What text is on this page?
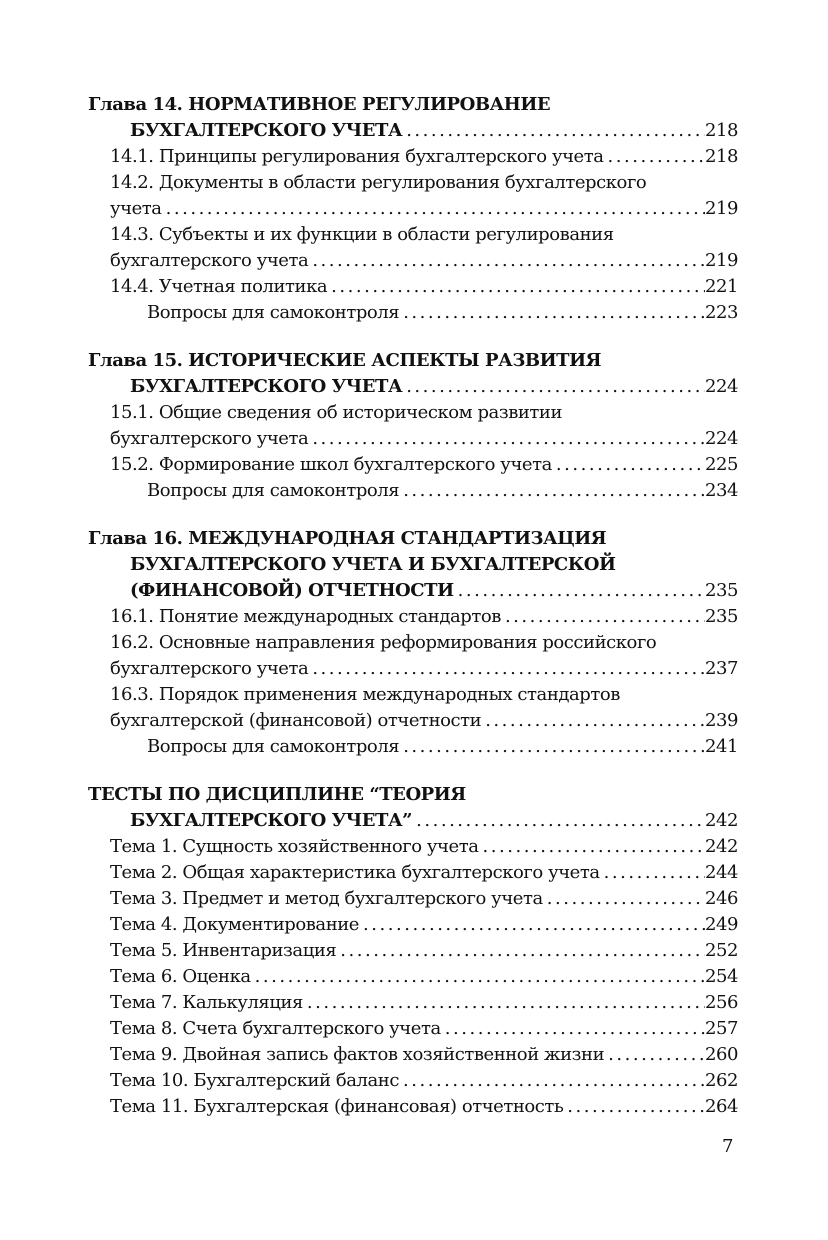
Глава 14. НОРМАТИВНОЕ РЕГУЛИРОВАНИЕ
БУХГАЛТЕРСКОГО УЧЕТА . . .	218
14.1. Принципы регулирования бухгалтерского учета . . .	218
14.2. Документы в области регулирования бухгалтерского
учета . . .	219
14.3. Субъекты и их функции в области регулирования
бухгалтерского учета . . .	219
14.4. Учетная политика . . .	221
Вопросы для самоконтроля . . .	223
Глава 15. ИСТОРИЧЕСКИЕ АСПЕКТЫ РАЗВИТИЯ
БУХГАЛТЕРСКОГО УЧЕТА . . .	224
15.1. Общие сведения об историческом развитии
бухгалтерского учета . . .	224
15.2. Формирование школ бухгалтерского учета . . .	225
Вопросы для самоконтроля . . .	234
Глава 16. МЕЖДУНАРОДНАЯ СТАНДАРТИЗАЦИЯ
БУХГАЛТЕРСКОГО УЧЕТА И БУХГАЛТЕРСКОЙ
(ФИНАНСОВОЙ) ОТЧЕТНОСТИ . . .	235
16.1. Понятие международных стандартов . . .	235
16.2. Основные направления реформирования российского
бухгалтерского учета . . .	237
16.3. Порядок применения международных стандартов
бухгалтерской (финансовой) отчетности . . .	239
Вопросы для самоконтроля . . .	241
ТЕСТЫ ПО ДИСЦИПЛИНЕ “ТЕОРИЯ
БУХГАЛТЕРСКОГО УЧЕТА” . . .	242
Тема 1. Сущность хозяйственного учета . . .	242
Тема 2. Общая характеристика бухгалтерского учета . . .	244
Тема 3. Предмет и метод бухгалтерского учета . . .	246
Тема 4. Документирование . . .	249
Тема 5. Инвентаризация . . .	252
Тема 6. Оценка . . .	254
Тема 7. Калькуляция . . .	256
Тема 8. Счета бухгалтерского учета . . .	257
Тема 9. Двойная запись фактов хозяйственной жизни . . .	260
Тема 10. Бухгалтерский баланс . . .	262
Тема 11. Бухгалтерская (финансовая) отчетность . . .	264
7
